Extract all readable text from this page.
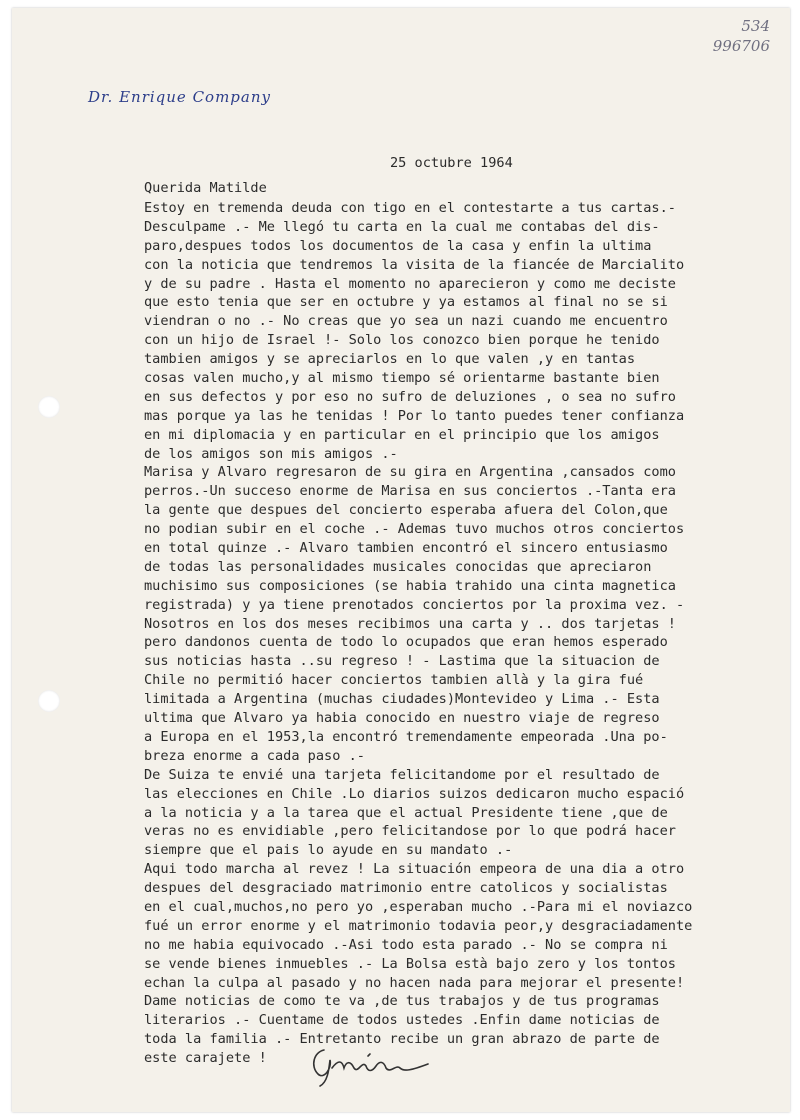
534
996706
Dr. Enrique Company
25 octubre 1964
Querida Matilde
Estoy en tremenda deuda con tigo en el contestarte a tus cartas.-
Desculpame .- Me llegó tu carta en la cual me contabas del dis-
paro,despues todos los documentos de la casa y enfin la ultima
con la noticia que tendremos la visita de la fiancée de Marcialito
y de su padre . Hasta el momento no aparecieron y como me deciste
que esto tenia que ser en octubre y ya estamos al final no se si
viendran o no .- No creas que yo sea un nazi cuando me encuentro
con un hijo de Israel !- Solo los conozco bien porque he tenido
tambien amigos y se apreciarlos en lo que valen ,y en tantas
cosas valen mucho,y al mismo tiempo sé orientarme bastante bien
en sus defectos y por eso no sufro de deluziones , o sea no sufro
mas porque ya las he tenidas ! Por lo tanto puedes tener confianza
en mi diplomacia y en particular en el principio que los amigos
de los amigos son mis amigos .-
Marisa y Alvaro regresaron de su gira en Argentina ,cansados como
perros.-Un succeso enorme de Marisa en sus conciertos .-Tanta era
la gente que despues del concierto esperaba afuera del Colon,que
no podian subir en el coche .- Ademas tuvo muchos otros conciertos
en total quinze .- Alvaro tambien encontró el sincero entusiasmo
de todas las personalidades musicales conocidas que apreciaron
muchisimo sus composiciones (se habia trahido una cinta magnetica
registrada) y ya tiene prenotados conciertos por la proxima vez. -
Nosotros en los dos meses recibimos una carta y .. dos tarjetas !
pero dandonos cuenta de todo lo ocupados que eran hemos esperado
sus noticias hasta ..su regreso ! - Lastima que la situacion de
Chile no permitió hacer conciertos tambien allà y la gira fué
limitada a Argentina (muchas ciudades)Montevideo y Lima .- Esta
ultima que Alvaro ya habia conocido en nuestro viaje de regreso
a Europa en el 1953,la encontró tremendamente empeorada .Una po-
breza enorme a cada paso .-
De Suiza te envié una tarjeta felicitandome por el resultado de
las elecciones en Chile .Lo diarios suizos dedicaron mucho espació
a la noticia y a la tarea que el actual Presidente tiene ,que de
veras no es envidiable ,pero felicitandose por lo que podrá hacer
siempre que el pais lo ayude en su mandato .-
Aqui todo marcha al revez ! La situación empeora de una dia a otro
despues del desgraciado matrimonio entre catolicos y socialistas
en el cual,muchos,no pero yo ,esperaban mucho .-Para mi el noviazco
fué un error enorme y el matrimonio todavia peor,y desgraciadamente
no me habia equivocado .-Asi todo esta parado .- No se compra ni
se vende bienes inmuebles .- La Bolsa està bajo zero y los tontos
echan la culpa al pasado y no hacen nada para mejorar el presente!
Dame noticias de como te va ,de tus trabajos y de tus programas
literarios .- Cuentame de todos ustedes .Enfin dame noticias de
toda la familia .- Entretanto recibe un gran abrazo de parte de
este carajete !
